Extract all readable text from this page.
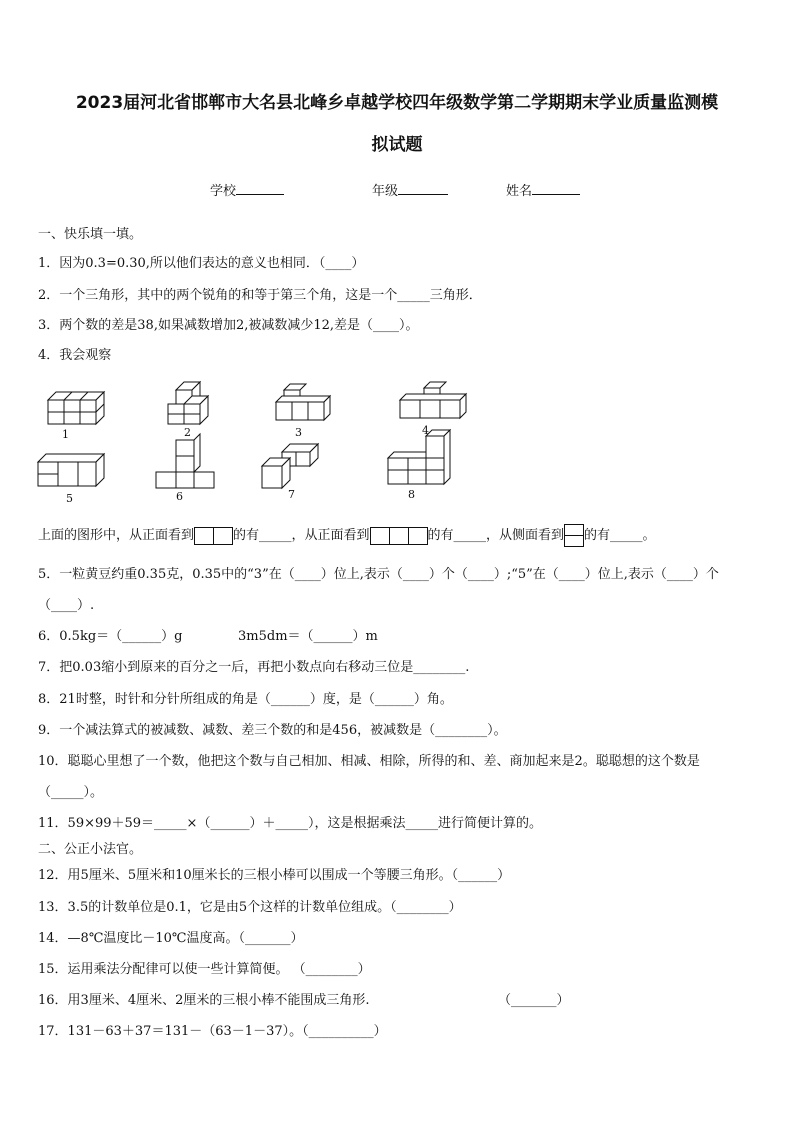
2023届河北省邯郸市大名县北峰乡卓越学校四年级数学第二学期期末学业质量监测模
拟试题
学校	年级	姓名
一、快乐填一填。
1．因为0.3=0.30,所以他们表达的意义也相同．（____）
2．一个三角形，其中的两个锐角的和等于第三个角，这是一个_____三角形．
3．两个数的差是38,如果减数增加2,被减数减少12,差是（____）。
4．我会观察
1	2	3	4
5	6	7	8
上面的图形中，从正面看到	的有_____，从正面看到	的有_____，从侧面看到 的有_____。
5．一粒黄豆约重0.35克，0.35中的“3”在（____）位上,表示（____）个（____）;“5”在（____）位上,表示（____）个
（____）.
6．0.5kg＝（______）g	3m5dm＝（______）m
7．把0.03缩小到原来的百分之一后，再把小数点向右移动三位是________.
8．21时整，时针和分针所组成的角是（______）度，是（______）角。
9．一个减法算式的被减数、减数、差三个数的和是456，被减数是（________）。
10．聪聪心里想了一个数，他把这个数与自己相加、相减、相除，所得的和、差、商加起来是2。聪聪想的这个数是
（_____）。
11．59×99＋59＝_____×（______）＋_____），这是根据乘法_____进行简便计算的。
二、公正小法官。
12．用5厘米、5厘米和10厘米长的三根小棒可以围成一个等腰三角形。（______）
13．3.5的计数单位是0.1，它是由5个这样的计数单位组成。（________）
14．—8℃温度比－10℃温度高。（_______）
15．运用乘法分配律可以使一些计算简便。 （________）
16．用3厘米、4厘米、2厘米的三根小棒不能围成三角形.	（_______）
17．131－63＋37＝131－（63－1－37）。（__________）
